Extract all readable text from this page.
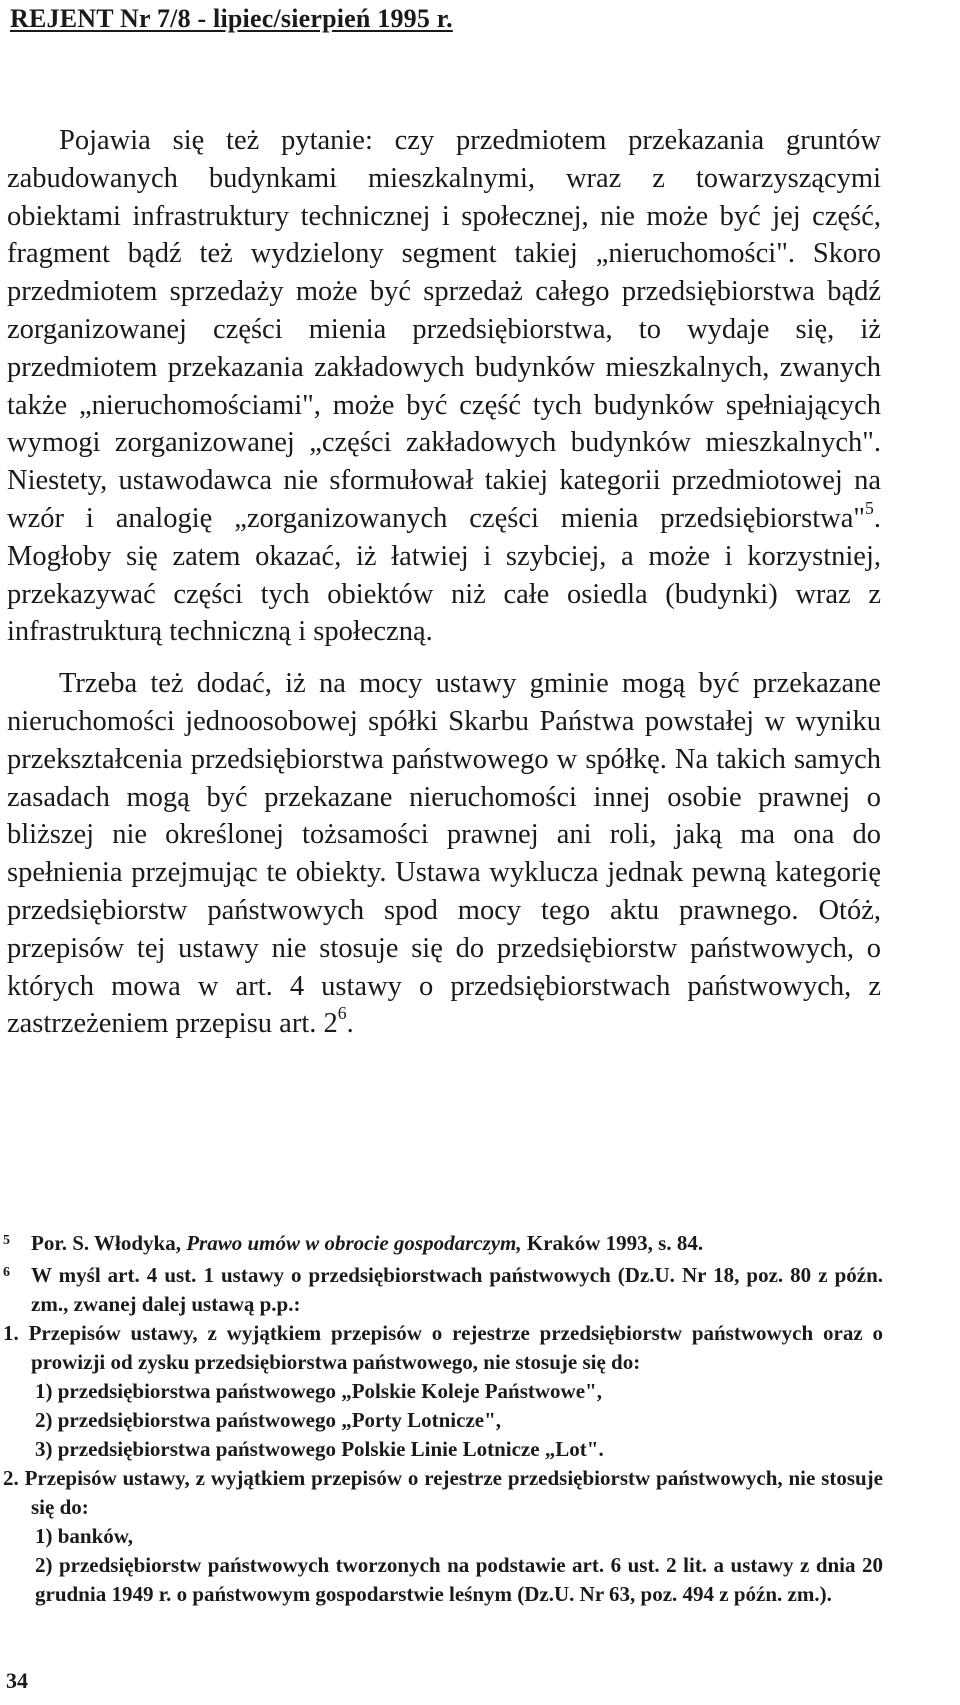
REJENT Nr 7/8 - lipiec/sierpień 1995 r.

Pojawia się też pytanie: czy przedmiotem przekazania gruntów zabudowanych budynkami mieszkalnymi, wraz z towarzyszącymi obiektami infrastruktury technicznej i społecznej, nie może być jej część, fragment bądź też wydzielony segment takiej „nieruchomości". Skoro przedmiotem sprzedaży może być sprzedaż całego przedsiębiorstwa bądź zorganizowanej części mienia przedsiębiorstwa, to wydaje się, iż przedmiotem przekazania zakładowych budynków mieszkalnych, zwanych także „nieruchomościami", może być część tych budynków spełniających wymogi zorganizowanej „części zakładowych budynków mieszkalnych". Niestety, ustawodawca nie sformułował takiej kategorii przedmiotowej na wzór i analogię „zorganizowanych części mienia przedsiębiorstwa"$^5$. Mogłoby się zatem okazać, iż łatwiej i szybciej, a może i korzystniej, przekazywać części tych obiektów niż całe osiedla (budynki) wraz z infrastrukturą techniczną i społeczną.

Trzeba też dodać, iż na mocy ustawy gminie mogą być przekazane nieruchomości jednoosobowej spółki Skarbu Państwa powstałej w wyniku przekształcenia przedsiębiorstwa państwowego w spółkę. Na takich samych zasadach mogą być przekazane nieruchomości innej osobie prawnej o bliższej nie określonej tożsamości prawnej ani roli, jaką ma ona do spełnienia przejmując te obiekty. Ustawa wyklucza jednak pewną kategorię przedsiębiorstw państwowych spod mocy tego aktu prawnego. Otóż, przepisów tej ustawy nie stosuje się do przedsiębiorstw państwowych, o których mowa w art. 4 ustawy o przedsiębiorstwach państwowych, z zastrzeżeniem przepisu art. $2^6$.

5 Por. S. Włodyka, Prawo umów w obrocie gospodarczym, Kraków 1993, s. 84.
6 W myśl art. 4 ust. 1 ustawy o przedsiębiorstwach państwowych (Dz.U. Nr 18, poz. 80 z późn. zm., zwanej dalej ustawą p.p.:
1. Przepisów ustawy, z wyjątkiem przepisów o rejestrze przedsiębiorstw państwowych oraz o prowizji od zysku przedsiębiorstwa państwowego, nie stosuje się do:
1) przedsiębiorstwa państwowego „Polskie Koleje Państwowe",
2) przedsiębiorstwa państwowego „Porty Lotnicze",
3) przedsiębiorstwa państwowego Polskie Linie Lotnicze „Lot".
2. Przepisów ustawy, z wyjątkiem przepisów o rejestrze przedsiębiorstw państwowych, nie stosuje się do:
1) banków,
2) przedsiębiorstw państwowych tworzonych na podstawie art. 6 ust. 2 lit. a ustawy z dnia 20 grudnia 1949 r. o państwowym gospodarstwie leśnym (Dz.U. Nr 63, poz. 494 z późn. zm.).
34
